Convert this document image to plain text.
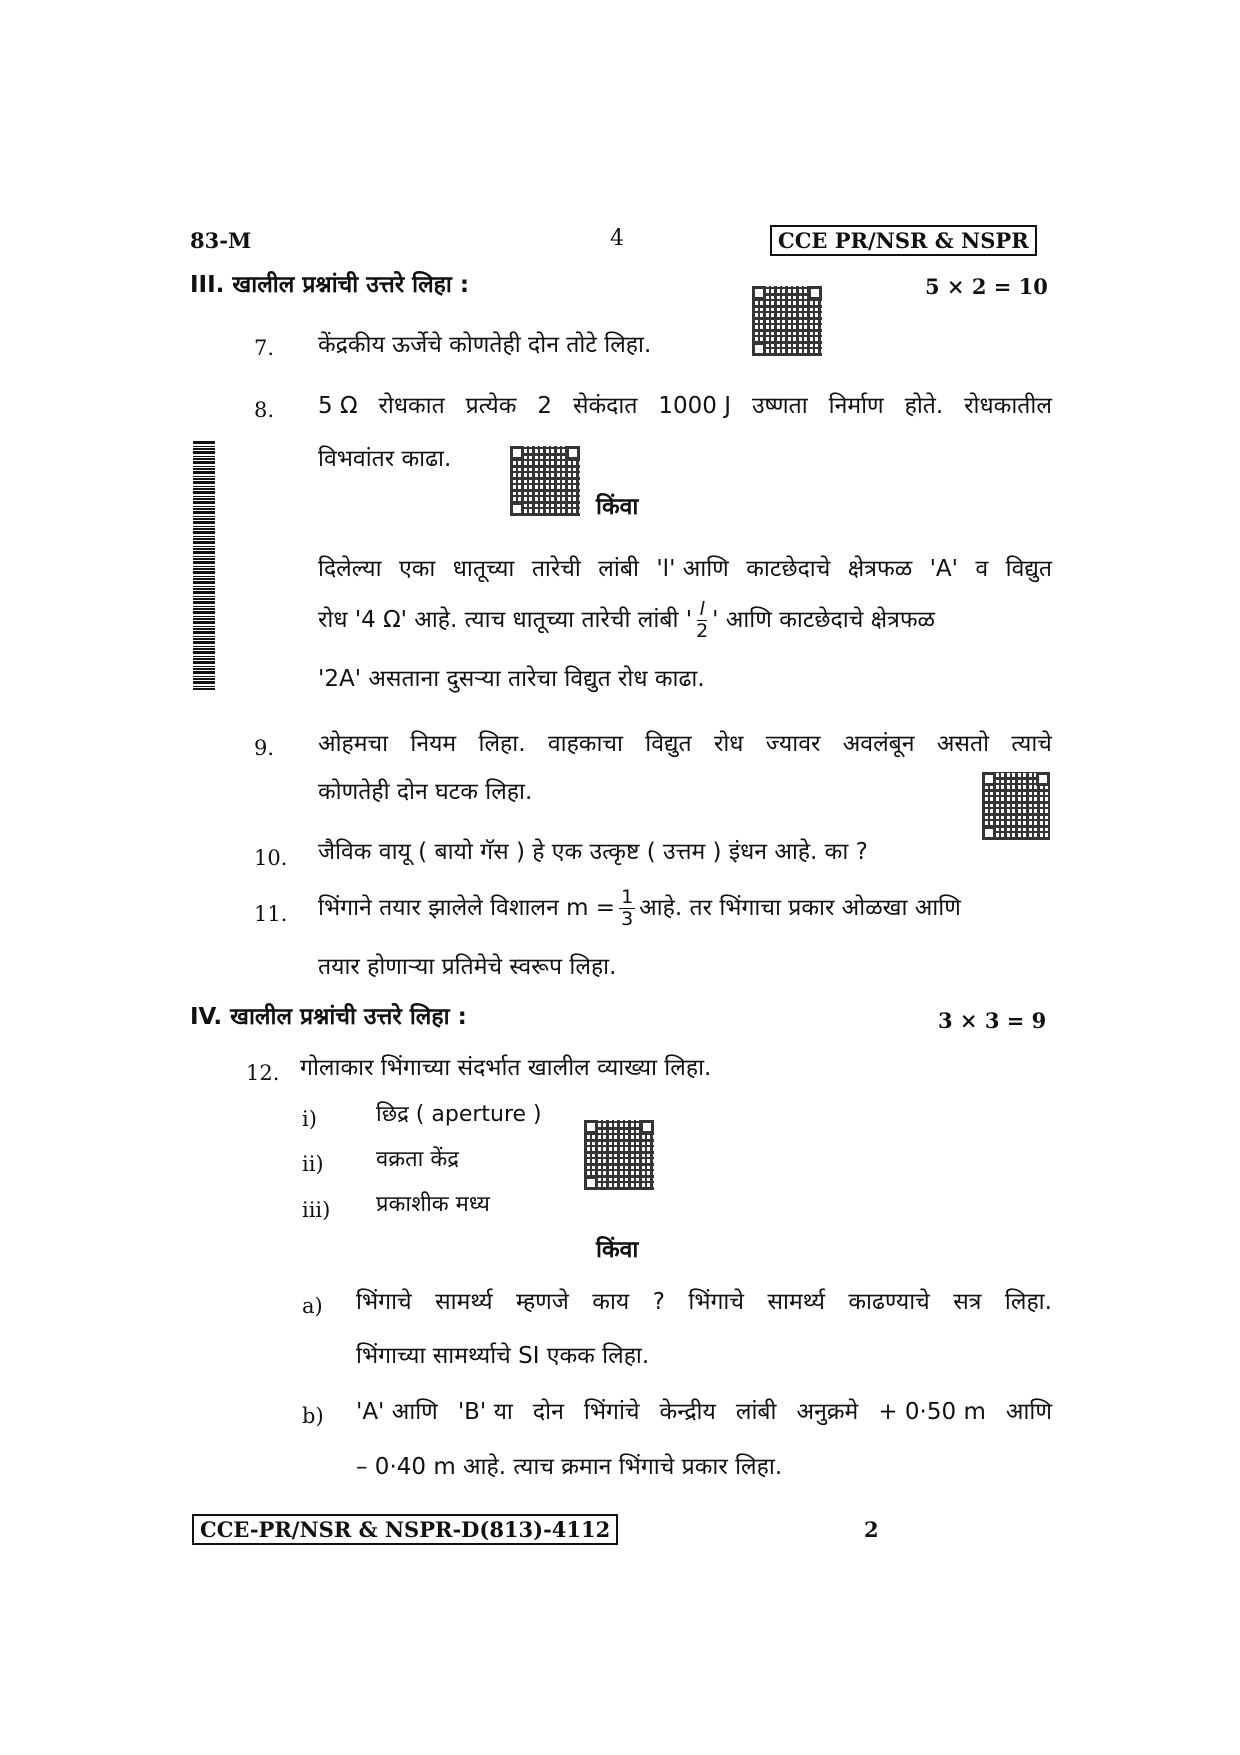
83-M	4	CCE PR/NSR & NSPR
III. खालील प्रश्नांची उत्तरे लिहा :	5 × 2 = 10
7. केंद्रकीय ऊर्जेचे कोणतेही दोन तोटे लिहा.
8. 5 Ω रोधकात प्रत्येक 2 सेकंदात 1000 J उष्णता निर्माण होते. रोधकातील
विभवांतर काढा.
किंवा
दिलेल्या एका धातूच्या तारेची लांबी 'l' आणि काटछेदाचे क्षेत्रफळ 'A' व विद्युत
रोध '4 Ω' आहे. त्याच धातूच्या तारेची लांबी ' $\frac{l}{2}$ ' आणि काटछेदाचे क्षेत्रफळ
'2A' असताना दुसऱ्या तारेचा विद्युत रोध काढा.
9. ओहमचा नियम लिहा. वाहकाचा विद्युत रोध ज्यावर अवलंबून असतो त्याचे
कोणतेही दोन घटक लिहा.
10. जैविक वायू ( बायो गॅस ) हे एक उत्कृष्ट ( उत्तम ) इंधन आहे. का ?
11. भिंगाने तयार झालेले विशालन $m = \frac{1}{3}$ आहे. तर भिंगाचा प्रकार ओळखा आणि
तयार होणाऱ्या प्रतिमेचे स्वरूप लिहा.
IV. खालील प्रश्नांची उत्तरे लिहा :	3 × 3 = 9
12. गोलाकार भिंगाच्या संदर्भात खालील व्याख्या लिहा.
i)	छिद्र ( aperture )
ii) वक्रता केंद्र
iii) प्रकाशीक मध्य
किंवा
a) भिंगाचे सामर्थ्य म्हणजे काय ? भिंगाचे सामर्थ्य काढण्याचे सत्र लिहा.
भिंगाच्या सामर्थ्याचे SI एकक लिहा.
b) 'A' आणि 'B' या दोन भिंगांचे केन्द्रीय लांबी अनुक्रमे + 0·50 m आणि
– 0·40 m आहे. त्याच क्रमान भिंगाचे प्रकार लिहा.
CCE-PR/NSR & NSPR-D(813)-4112	2
